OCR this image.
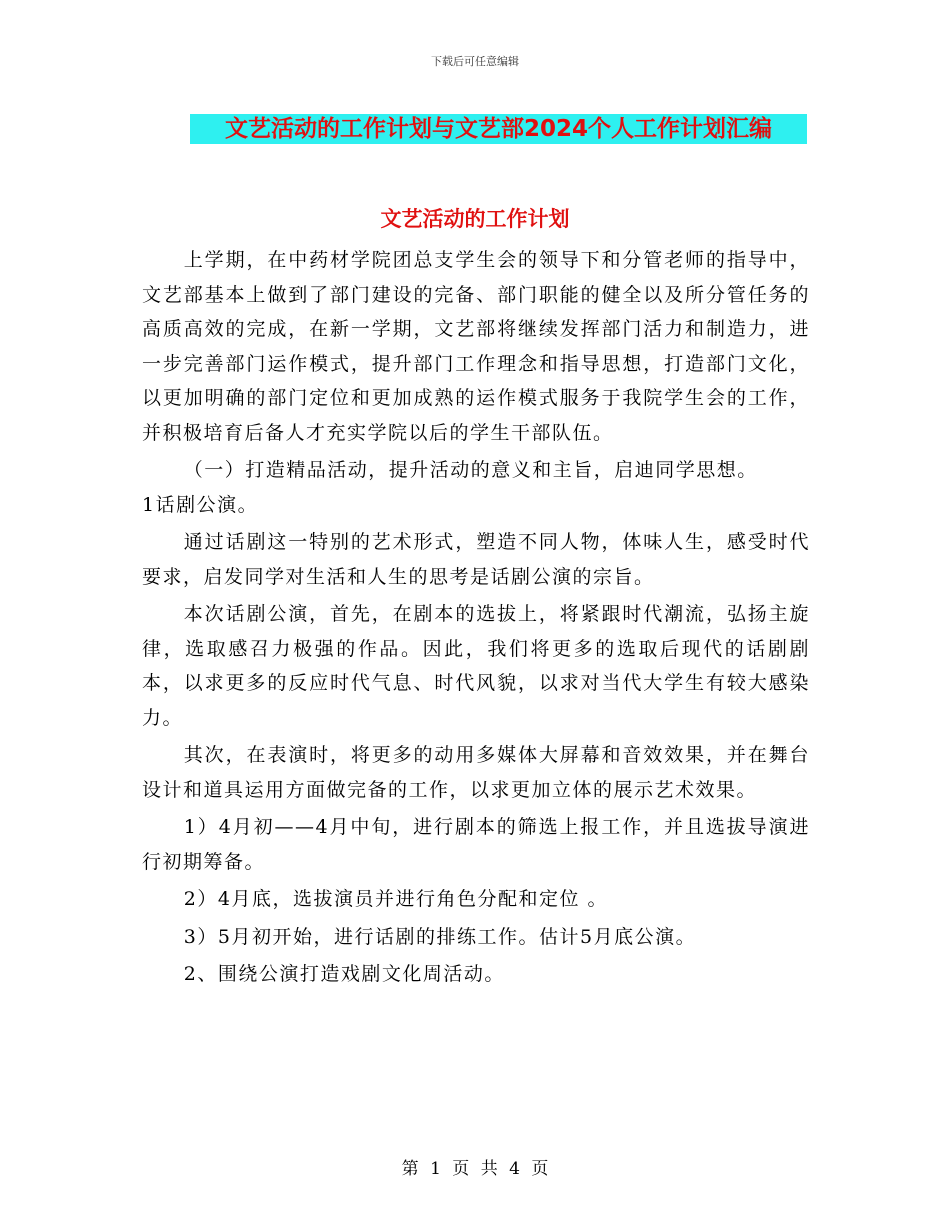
下载后可任意编辑
文艺活动的工作计划与文艺部2024个人工作计划汇编
文艺活动的工作计划

上学期，在中药材学院团总支学生会的领导下和分管老师的指导中，文艺部基本上做到了部门建设的完备、部门职能的健全以及所分管任务的高质高效的完成，在新一学期，文艺部将继续发挥部门活力和制造力，进一步完善部门运作模式，提升部门工作理念和指导思想，打造部门文化，以更加明确的部门定位和更加成熟的运作模式服务于我院学生会的工作，并积极培育后备人才充实学院以后的学生干部队伍。

（一）打造精品活动，提升活动的意义和主旨，启迪同学思想。

1话剧公演。

通过话剧这一特别的艺术形式，塑造不同人物，体味人生，感受时代要求，启发同学对生活和人生的思考是话剧公演的宗旨。

本次话剧公演，首先，在剧本的选拔上，将紧跟时代潮流，弘扬主旋律，选取感召力极强的作品。因此，我们将更多的选取后现代的话剧剧本，以求更多的反应时代气息、时代风貌，以求对当代大学生有较大感染力。

其次，在表演时，将更多的动用多媒体大屏幕和音效效果，并在舞台设计和道具运用方面做完备的工作，以求更加立体的展示艺术效果。

1）4月初——4月中旬，进行剧本的筛选上报工作，并且选拔导演进行初期筹备。

2）4月底，选拔演员并进行角色分配和定位 。

3）5月初开始，进行话剧的排练工作。估计5月底公演。

2、围绕公演打造戏剧文化周活动。

第 1 页 共 4 页
